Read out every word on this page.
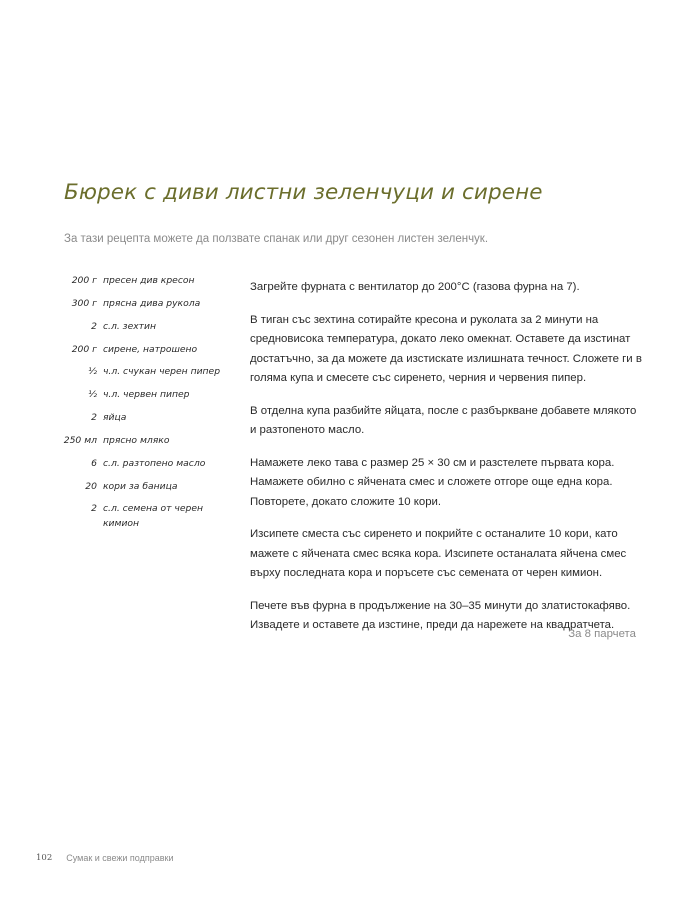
Бюрек с диви листни зеленчуци и сирене

За тази рецепта можете да ползвате спанак или друг сезонен листен зеленчук.

200 г пресен див кресон
300 г прясна дива рукола
2 с.л. зехтин
200 г сирене, натрошено
½ ч.л. счукан черен пипер
½ ч.л. червен пипер
2 яйца
250 мл прясно мляко
6 с.л. разтопено масло
20 кори за баница
2 с.л. семена от черен кимион

Загрейте фурната с вентилатор до 200°С (газова фурна на 7).

В тиган със зехтина сотирайте кресона и руколата за 2 минути на средновисока температура, докато леко омекнат. Оставете да изстинат достатъчно, за да можете да изстискате излишната течност. Сложете ги в голяма купа и смесете със сиренето, черния и червения пипер.

В отделна купа разбийте яйцата, после с разбъркване добавете млякото и разтопеното масло.

Намажете леко тава с размер 25 × 30 см и разстелете първата кора. Намажете обилно с яйчената смес и сложете отгоре още една кора. Повторете, докато сложите 10 кори.

Изсипете сместа със сиренето и покрийте с останалите 10 кори, като мажете с яйчената смес всяка кора. Изсипете останалата яйчена смес върху последната кора и поръсете със семената от черен кимион.

Печете във фурна в продължение на 30–35 минути до златистокафяво. Извадете и оставете да изстине, преди да нарежете на квадратчета.

За 8 парчета

102 Сумак и свежи подправки
